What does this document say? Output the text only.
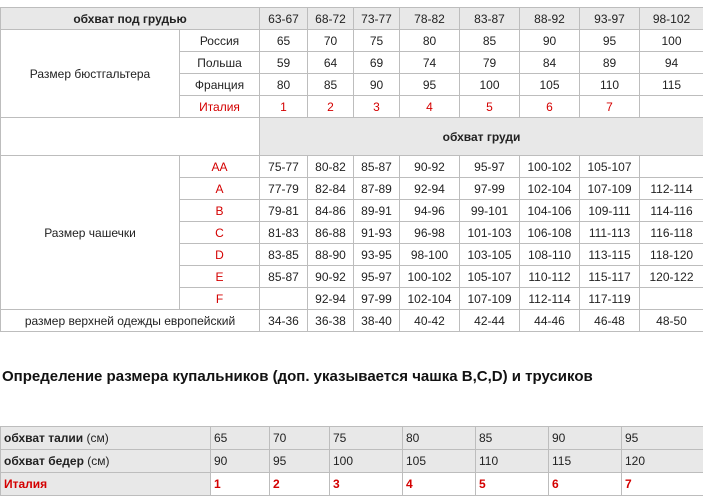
обхват под грудью		63-67	68-72	73-77	78-82	83-87	88-92	93-97	98-102
Размер бюстгальтера	Россия	65	70	75	80	85	90	95	100
	Польша	59	64	69	74	79	84	89	94
	Франция	80	85	90	95	100	105	110	115
	Италия	1	2	3	4	5	6	7	
		обхват груди							
Размер чашечки	AA	75-77	80-82	85-87	90-92	95-97	100-102	105-107	
	A	77-79	82-84	87-89	92-94	97-99	102-104	107-109	112-114
	B	79-81	84-86	89-91	94-96	99-101	104-106	109-111	114-116
	C	81-83	86-88	91-93	96-98	101-103	106-108	111-113	116-118
	D	83-85	88-90	93-95	98-100	103-105	108-110	113-115	118-120
	E	85-87	90-92	95-97	100-102	105-107	110-112	115-117	120-122
	F		92-94	97-99	102-104	107-109	112-114	117-119	
размер верхней одежды европейский		34-36	36-38	38-40	40-42	42-44	44-46	46-48	48-50
Определение размера купальников (доп. указывается чашка B,C,D) и трусиков
обхват талии (см)	65	70	75	80	85	90	95
обхват бедер (см)	90	95	100	105	110	115	120
Италия	1	2	3	4	5	6	7
